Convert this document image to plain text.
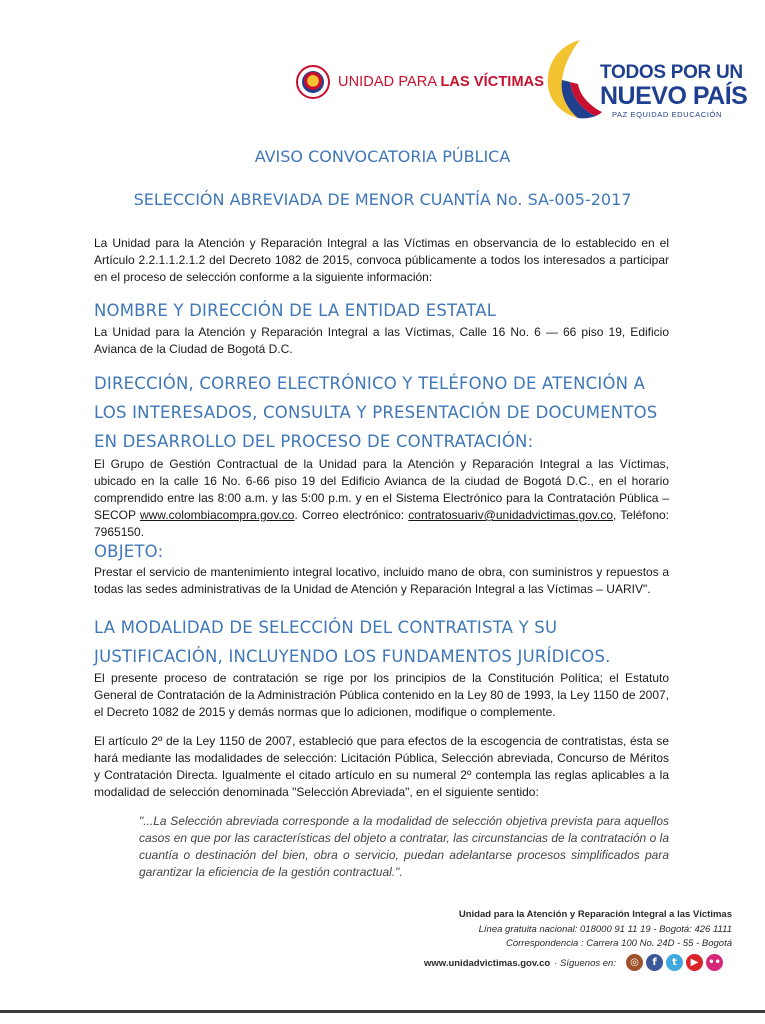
UNIDAD PARA LAS VÍCTIMAS	TODOS POR UN
NUEVO PAÍS
PAZ EQUIDAD EDUCACIÓN
AVISO CONVOCATORIA PÚBLICA
SELECCIÓN ABREVIADA DE MENOR CUANTÍA No. SA-005-2017
La Unidad para la Atención y Reparación Integral a las Víctimas en observancia de lo establecido en el Artículo 2.2.1.1.2.1.2 del Decreto 1082 de 2015, convoca públicamente a todos los interesados a participar en el proceso de selección conforme a la siguiente información:
NOMBRE Y DIRECCIÓN DE LA ENTIDAD ESTATAL
La Unidad para la Atención y Reparación Integral a las Víctimas, Calle 16 No. 6 — 66 piso 19, Edificio Avianca de la Ciudad de Bogotá D.C.
DIRECCIÓN, CORREO ELECTRÓNICO Y TELÉFONO DE ATENCIÓN A LOS INTERESADOS, CONSULTA Y PRESENTACIÓN DE DOCUMENTOS EN DESARROLLO DEL PROCESO DE CONTRATACIÓN:
El Grupo de Gestión Contractual de la Unidad para la Atención y Reparación Integral a las Víctimas, ubicado en la calle 16 No. 6-66 piso 19 del Edificio Avianca de la ciudad de Bogotá D.C., en el horario comprendido entre las 8:00 a.m. y las 5:00 p.m. y en el Sistema Electrónico para la Contratación Pública – SECOP www.colombiacompra.gov.co. Correo electrónico: contratosuariv@unidadvictimas.gov.co, Teléfono: 7965150.
OBJETO:
Prestar el servicio de mantenimiento integral locativo, incluido mano de obra, con suministros y repuestos a todas las sedes administrativas de la Unidad de Atención y Reparación Integral a las Víctimas – UARIV".
LA MODALIDAD DE SELECCIÓN DEL CONTRATISTA Y SU JUSTIFICACIÓN, INCLUYENDO LOS FUNDAMENTOS JURÍDICOS.
El presente proceso de contratación se rige por los principios de la Constitución Política; el Estatuto General de Contratación de la Administración Pública contenido en la Ley 80 de 1993, la Ley 1150 de 2007, el Decreto 1082 de 2015 y demás normas que lo adicionen, modifique o complemente.
El artículo 2º de la Ley 1150 de 2007, estableció que para efectos de la escogencia de contratistas, ésta se hará mediante las modalidades de selección: Licitación Pública, Selección abreviada, Concurso de Méritos y Contratación Directa. Igualmente el citado artículo en su numeral 2º contempla las reglas aplicables a la modalidad de selección denominada "Selección Abreviada", en el siguiente sentido:
"...La Selección abreviada corresponde a la modalidad de selección objetiva prevista para aquellos casos en que por las características del objeto a contratar, las circunstancias de la contratación o la cuantía o destinación del bien, obra o servicio, puedan adelantarse procesos simplificados para garantizar la eficiencia de la gestión contractual.".
Unidad para la Atención y Reparación Integral a las Víctimas
Línea gratuita nacional: 018000 91 11 19 - Bogotá: 426 1111
Correspondencia : Carrera 100 No. 24D - 55 - Bogotá
www.unidadvictimas.gov.co · Síguenos en:	◎	f	t	▶ ••
